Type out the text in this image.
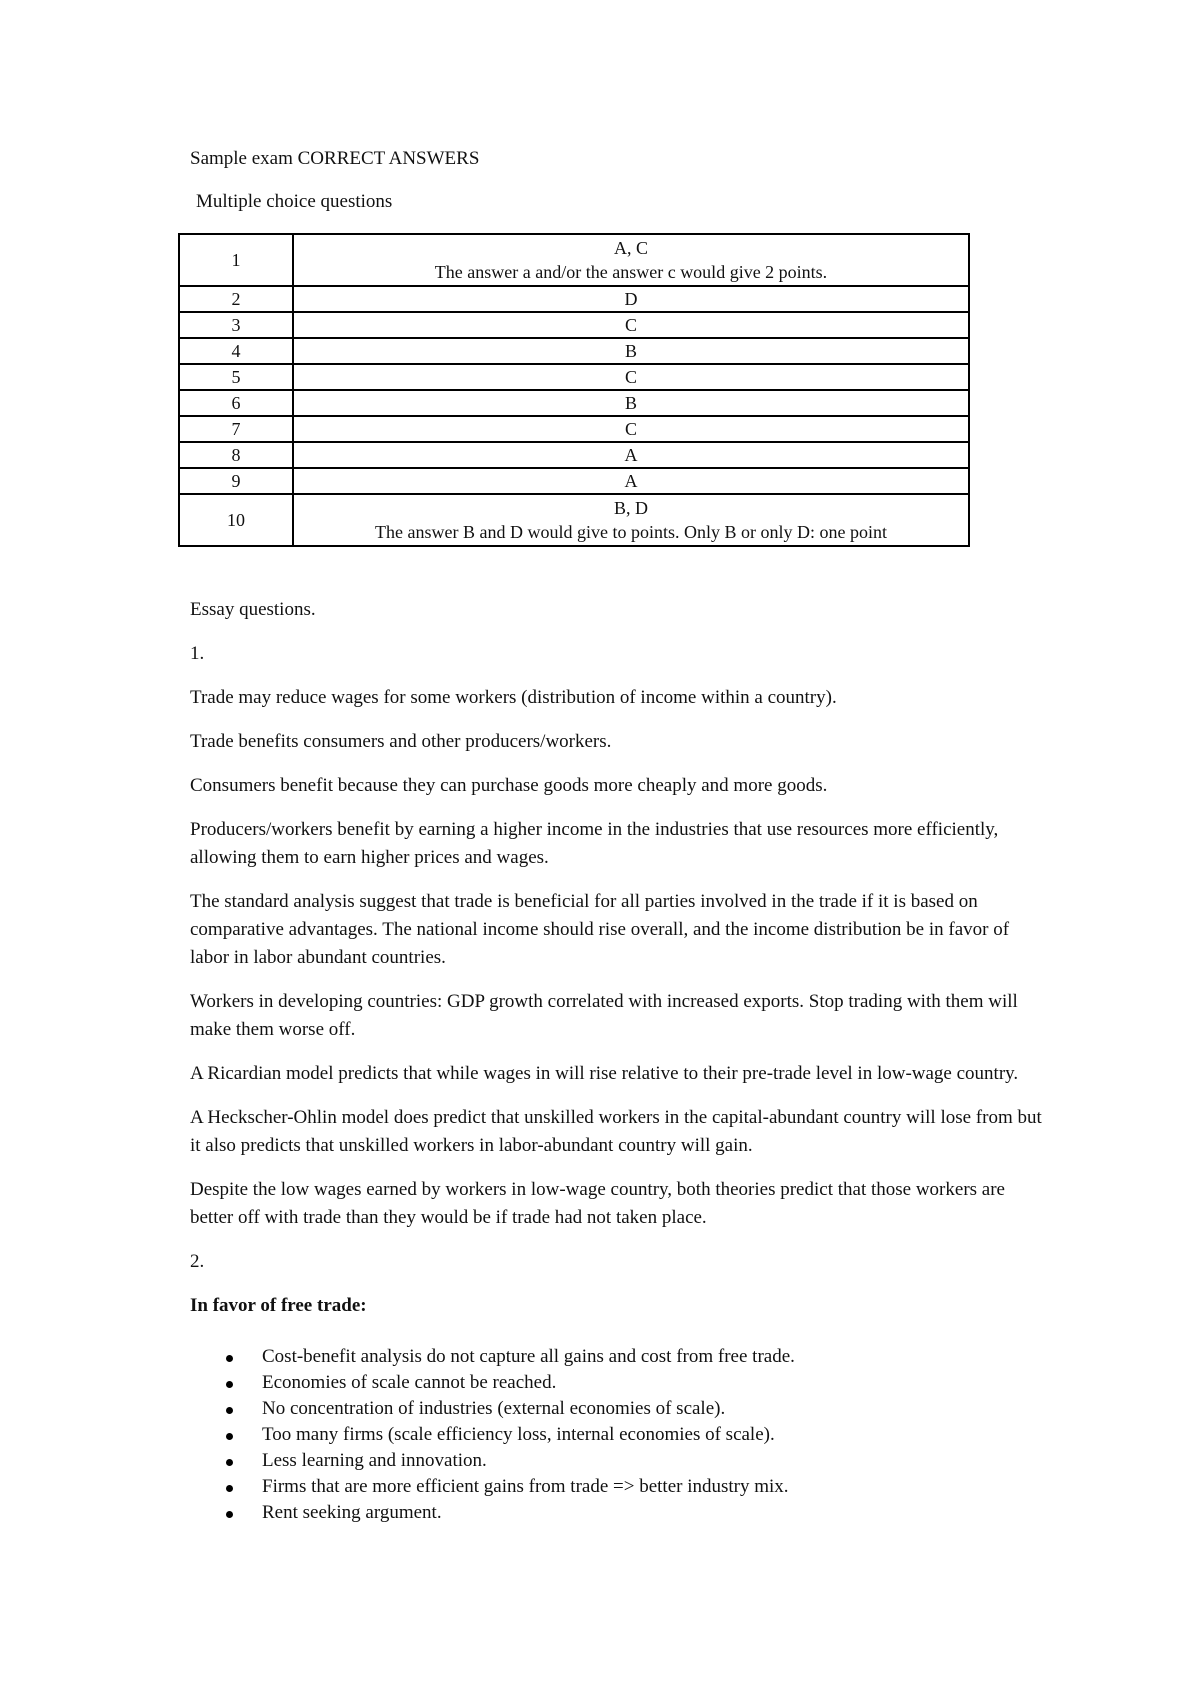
Sample exam CORRECT ANSWERS
Multiple choice questions
1	A, C
The answer a and/or the answer c would give 2 points.

2	D
3	C
4	B
5	C
6	B
7	C
8	A
9	A
10	B, D
The answer B and D would give to points. Only B or only D: one point

Essay questions.

1.

Trade may reduce wages for some workers (distribution of income within a country).

Trade benefits consumers and other producers/workers.

Consumers benefit because they can purchase goods more cheaply and more goods.

Producers/workers benefit by earning a higher income in the industries that use resources more efficiently, allowing them to earn higher prices and wages.

The standard analysis suggest that trade is beneficial for all parties involved in the trade if it is based on comparative advantages. The national income should rise overall, and the income distribution be in favor of labor in labor abundant countries.

Workers in developing countries: GDP growth correlated with increased exports. Stop trading with them will make them worse off.

A Ricardian model predicts that while wages in will rise relative to their pre-trade level in low-wage country.

A Heckscher-Ohlin model does predict that unskilled workers in the capital-abundant country will lose from but it also predicts that unskilled workers in labor-abundant country will gain.

Despite the low wages earned by workers in low-wage country, both theories predict that those workers are better off with trade than they would be if trade had not taken place.

2.

In favor of free trade:

Cost-benefit analysis do not capture all gains and cost from free trade.
Economies of scale cannot be reached.
No concentration of industries (external economies of scale).
Too many firms (scale efficiency loss, internal economies of scale).
Less learning and innovation.
Firms that are more efficient gains from trade => better industry mix.
Rent seeking argument.
